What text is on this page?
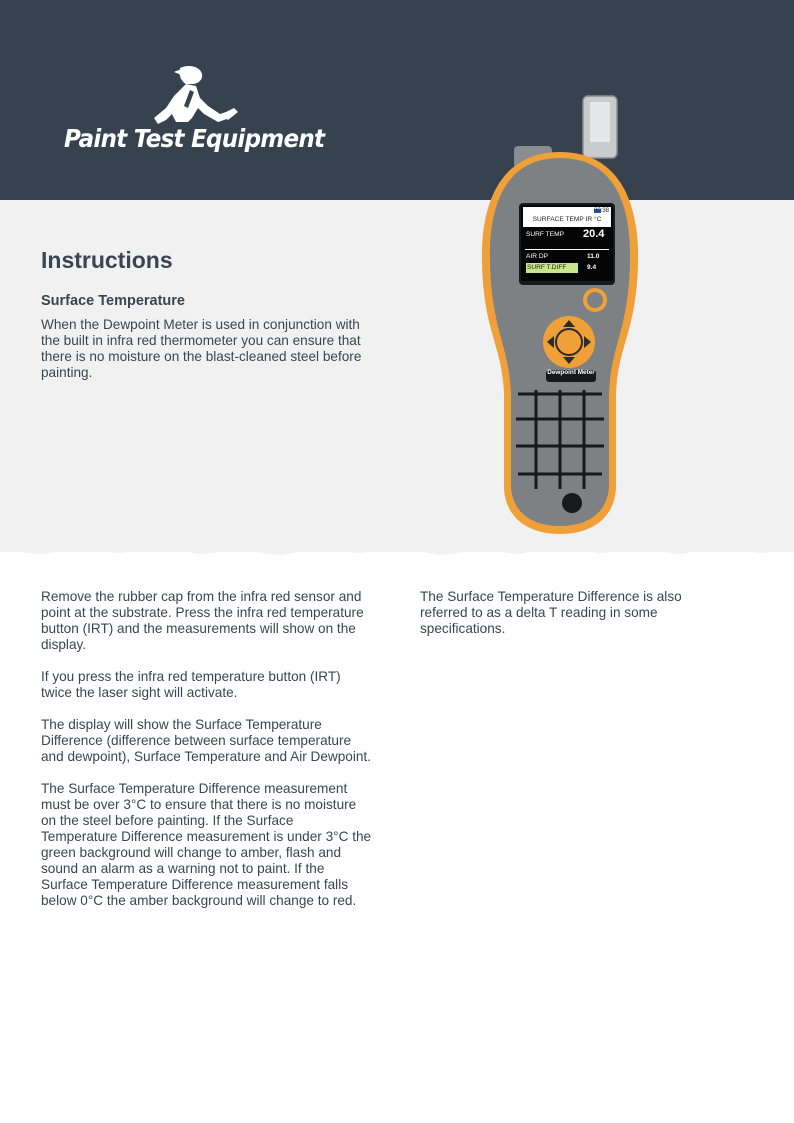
Paint Test Equipment
Instructions
Surface Temperature

When the Dewpoint Meter is used in conjunction with the built in infra red thermometer you can ensure that there is no moisture on the blast-cleaned steel before painting.

00:38
SURFACE TEMP IR °C
SURF TEMP 20.4
AIR DP	11.0
SURF T.DIFF	9.4
Dewpoint Meter

Remove the rubber cap from the infra red sensor and point at the substrate. Press the infra red temperature button (IRT) and the measurements will show on the display.

If you press the infra red temperature button (IRT) twice the laser sight will activate.

The display will show the Surface Temperature Difference (difference between surface temperature and dewpoint), Surface Temperature and Air Dewpoint.

The Surface Temperature Difference measurement must be over 3°C to ensure that there is no moisture on the steel before painting. If the Surface Temperature Difference measurement is under 3°C the green background will change to amber, flash and sound an alarm as a warning not to paint. If the Surface Temperature Difference measurement falls below 0°C the amber background will change to red.

The Surface Temperature Difference is also referred to as a delta T reading in some specifications.
